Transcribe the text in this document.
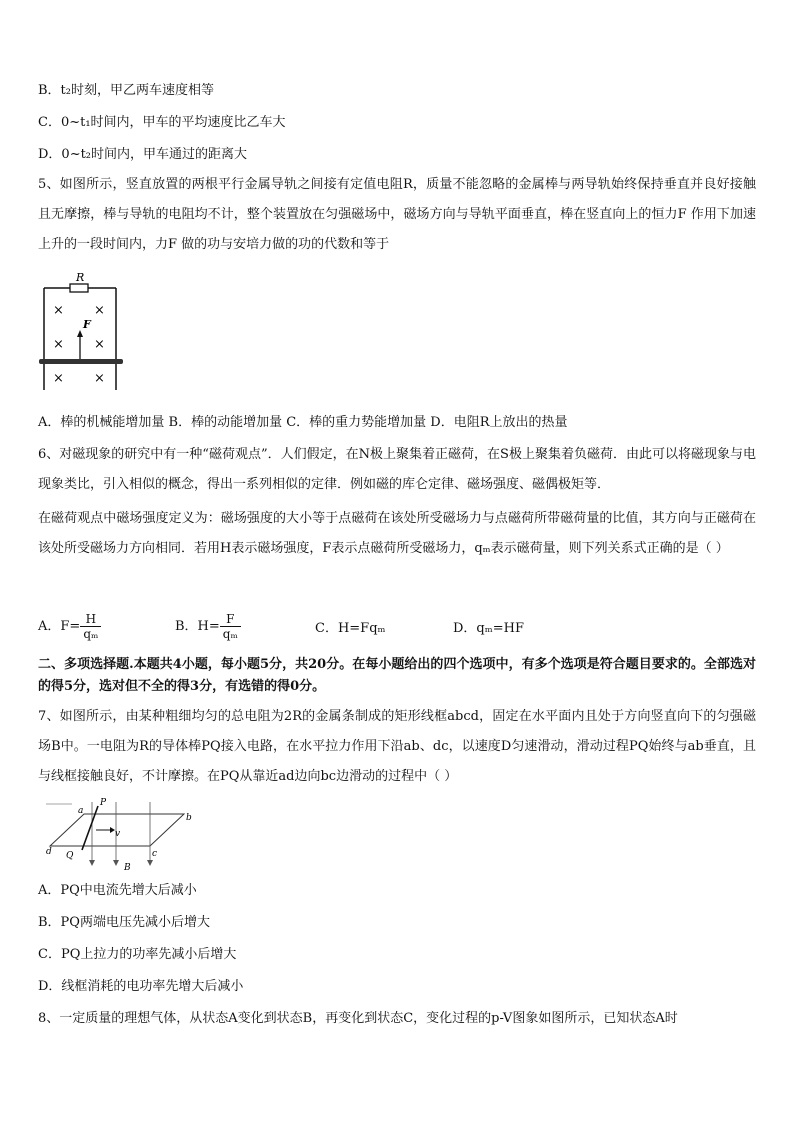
B．t₂时刻，甲乙两车速度相等
C．0~t₁时间内，甲车的平均速度比乙车大
D．0~t₂时间内，甲车通过的距离大
5、如图所示，竖直放置的两根平行金属导轨之间接有定值电阻R，质量不能忽略的金属棒与两导轨始终保持垂直并良好接触且无摩擦，棒与导轨的电阻均不计，整个装置放在匀强磁场中，磁场方向与导轨平面垂直，棒在竖直向上的恒力F 作用下加速上升的一段时间内，力F 做的功与安培力做的功的代数和等于
R
× ×
× ×
× ×
F
A．棒的机械能增加量 B．棒的动能增加量 C．棒的重力势能增加量 D．电阻R上放出的热量
6、对磁现象的研究中有一种“磁荷观点”．人们假定，在N极上聚集着正磁荷，在S极上聚集着负磁荷．由此可以将磁现象与电现象类比，引入相似的概念，得出一系列相似的定律．例如磁的库仑定律、磁场强度、磁偶极矩等．
在磁荷观点中磁场强度定义为：磁场强度的大小等于点磁荷在该处所受磁场力与点磁荷所带磁荷量的比值，其方向与正磁荷在该处所受磁场力方向相同．若用H表示磁场强度，F表示点磁荷所受磁场力，qₘ表示磁荷量，则下列关系式正确的是（ ）
A．$F= \frac{H}{\text{qₘ}}$	B．$H= \frac{F}{\text{qₘ}}$	C．H=Fqₘ	D．qₘ=HF
二、多项选择题.本题共4小题，每小题5分，共20分。在每小题给出的四个选项中，有多个选项是符合题目要求的。全部选对的得5分，选对但不全的得3分，有选错的得0分。
7、如图所示，由某种粗细均匀的总电阻为2R的金属条制成的矩形线框abcd，固定在水平面内且处于方向竖直向下的匀强磁场B中。一电阻为R的导体棒PQ接入电路，在水平拉力作用下沿ab、dc，以速度D匀速滑动，滑动过程PQ始终与ab垂直，且与线框接触良好，不计摩擦。在PQ从靠近ad边向bc边滑动的过程中（ ）
a
b
c
d
P
Q
v
B
A．PQ中电流先增大后减小
B．PQ两端电压先减小后增大
C．PQ上拉力的功率先减小后增大
D．线框消耗的电功率先增大后减小
8、一定质量的理想气体，从状态A变化到状态B，再变化到状态C，变化过程的p-V图象如图所示，已知状态A时
